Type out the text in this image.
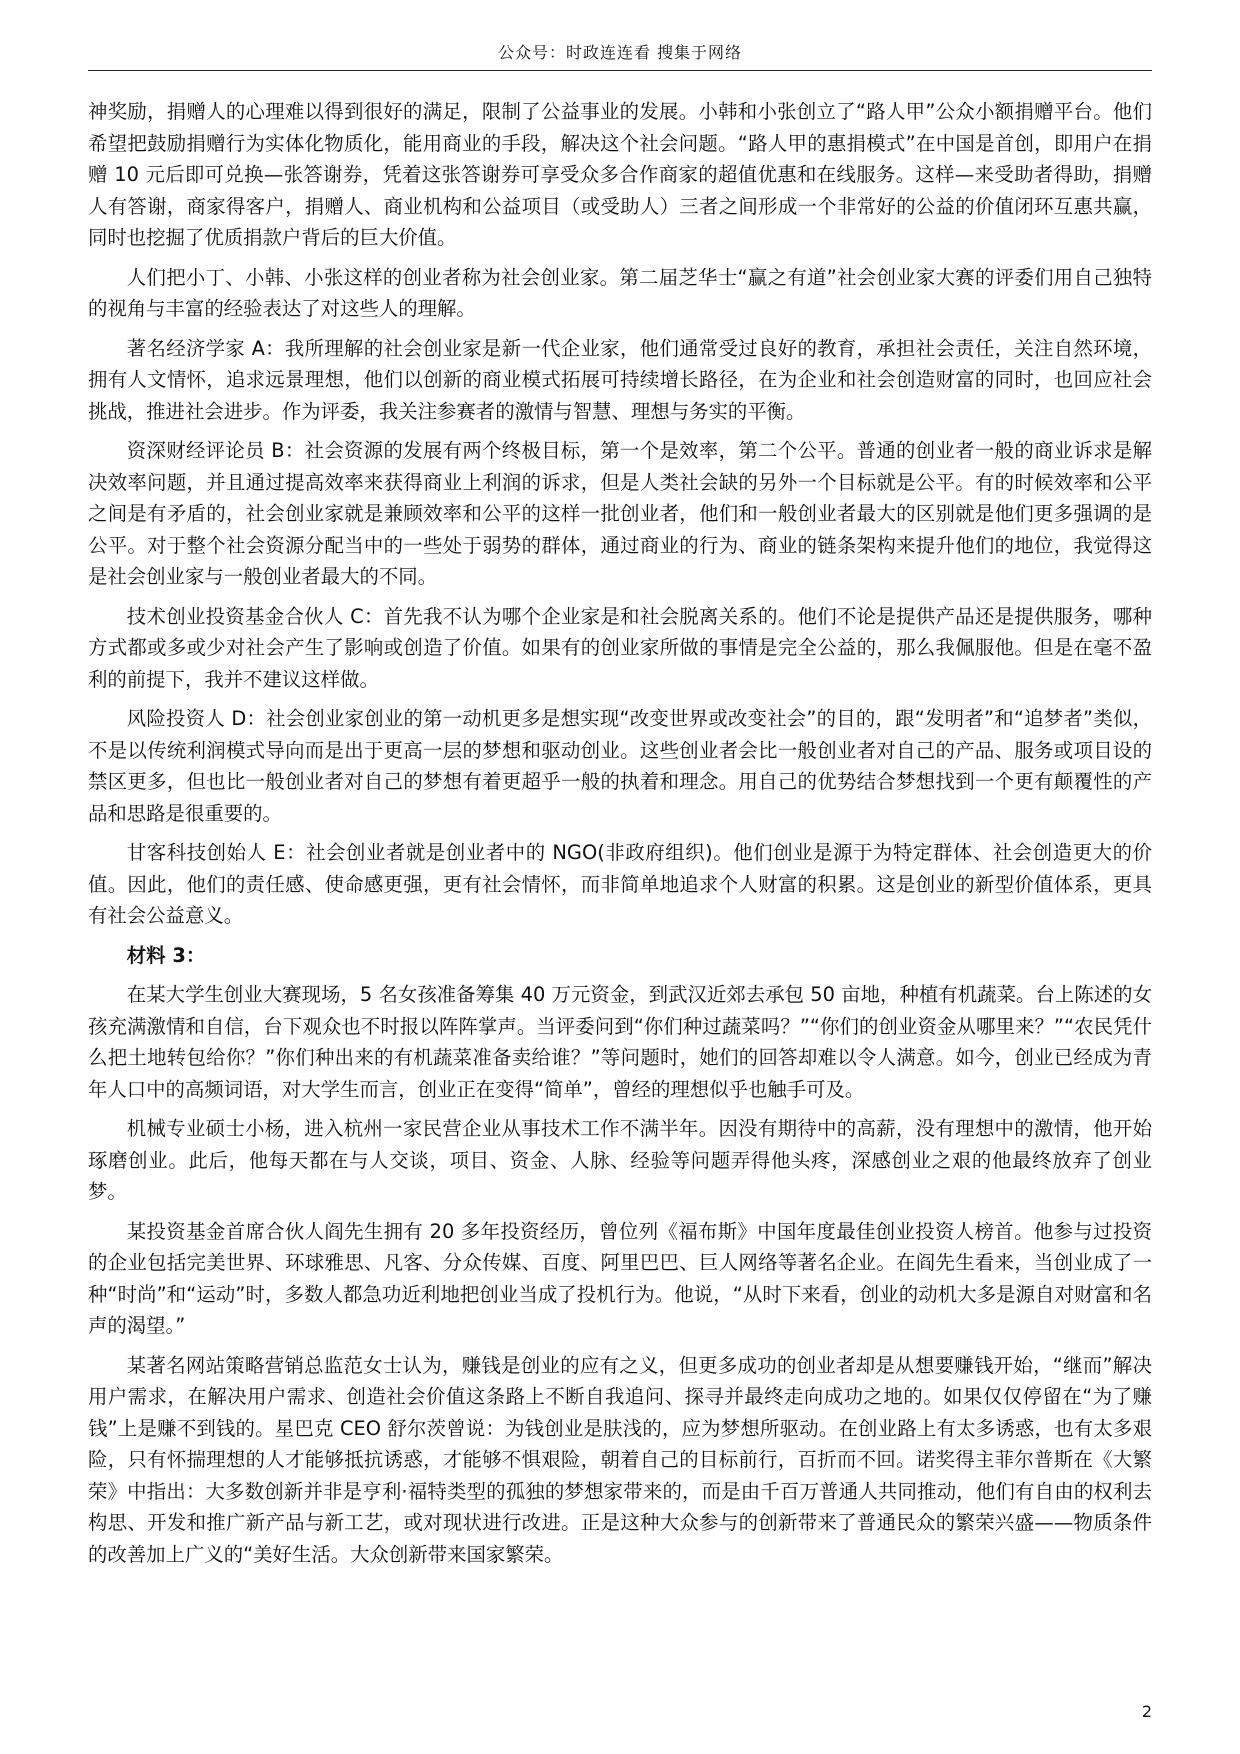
公众号：时政连连看 搜集于网络

神奖励，捐赠人的心理难以得到很好的满足，限制了公益事业的发展。小韩和小张创立了“路人甲”公众小额捐赠平台。他们希望把鼓励捐赠行为实体化物质化，能用商业的手段，解决这个社会问题。“路人甲的惠捐模式”在中国是首创，即用户在捐赠 10 元后即可兑换—张答谢券，凭着这张答谢券可享受众多合作商家的超值优惠和在线服务。这样—来受助者得助，捐赠人有答谢，商家得客户，捐赠人、商业机构和公益项目（或受助人）三者之间形成一个非常好的公益的价值闭环互惠共赢，同时也挖掘了优质捐款户背后的巨大价值。

人们把小丁、小韩、小张这样的创业者称为社会创业家。第二届芝华士“赢之有道”社会创业家大赛的评委们用自己独特的视角与丰富的经验表达了对这些人的理解。

著名经济学家 A：我所理解的社会创业家是新一代企业家，他们通常受过良好的教育，承担社会责任，关注自然环境，拥有人文情怀，追求远景理想，他们以创新的商业模式拓展可持续增长路径，在为企业和社会创造财富的同时，也回应社会挑战，推进社会进步。作为评委，我关注参赛者的激情与智慧、理想与务实的平衡。

资深财经评论员 B：社会资源的发展有两个终极目标，第一个是效率，第二个公平。普通的创业者一般的商业诉求是解决效率问题，并且通过提高效率来获得商业上利润的诉求，但是人类社会缺的另外一个目标就是公平。有的时候效率和公平之间是有矛盾的，社会创业家就是兼顾效率和公平的这样一批创业者，他们和一般创业者最大的区别就是他们更多强调的是公平。对于整个社会资源分配当中的一些处于弱势的群体，通过商业的行为、商业的链条架构来提升他们的地位，我觉得这是社会创业家与一般创业者最大的不同。

技术创业投资基金合伙人 C：首先我不认为哪个企业家是和社会脱离关系的。他们不论是提供产品还是提供服务，哪种方式都或多或少对社会产生了影响或创造了价值。如果有的创业家所做的事情是完全公益的，那么我佩服他。但是在毫不盈利的前提下，我并不建议这样做。

风险投资人 D：社会创业家创业的第一动机更多是想实现“改变世界或改变社会”的目的，跟“发明者”和“追梦者”类似，不是以传统利润模式导向而是出于更高一层的梦想和驱动创业。这些创业者会比一般创业者对自己的产品、服务或项目设的禁区更多，但也比一般创业者对自己的梦想有着更超乎一般的执着和理念。用自己的优势结合梦想找到一个更有颠覆性的产品和思路是很重要的。

甘客科技创始人 E：社会创业者就是创业者中的 NGO(非政府组织)。他们创业是源于为特定群体、社会创造更大的价值。因此，他们的责任感、使命感更强，更有社会情怀，而非简单地追求个人财富的积累。这是创业的新型价值体系，更具有社会公益意义。

材料 3：

在某大学生创业大赛现场，5 名女孩准备筹集 40 万元资金，到武汉近郊去承包 50 亩地，种植有机蔬菜。台上陈述的女孩充满激情和自信，台下观众也不时报以阵阵掌声。当评委问到“你们种过蔬菜吗？”“你们的创业资金从哪里来？”“农民凭什么把土地转包给你？”你们种出来的有机蔬菜准备卖给谁？”等问题时，她们的回答却难以令人满意。如今，创业已经成为青年人口中的高频词语，对大学生而言，创业正在变得“简单”，曾经的理想似乎也触手可及。

机械专业硕士小杨，进入杭州一家民营企业从事技术工作不满半年。因没有期待中的高薪，没有理想中的激情，他开始琢磨创业。此后，他每天都在与人交谈，项目、资金、人脉、经验等问题弄得他头疼，深感创业之艰的他最终放弃了创业梦。

某投资基金首席合伙人阎先生拥有 20 多年投资经历，曾位列《福布斯》中国年度最佳创业投资人榜首。他参与过投资的企业包括完美世界、环球雅思、凡客、分众传媒、百度、阿里巴巴、巨人网络等著名企业。在阎先生看来，当创业成了一种“时尚”和“运动”时，多数人都急功近利地把创业当成了投机行为。他说，“从时下来看，创业的动机大多是源自对财富和名声的渴望。”

某著名网站策略营销总监范女士认为，赚钱是创业的应有之义，但更多成功的创业者却是从想要赚钱开始，“继而”解决用户需求，在解决用户需求、创造社会价值这条路上不断自我追问、探寻并最终走向成功之地的。如果仅仅停留在“为了赚钱”上是赚不到钱的。星巴克 CEO 舒尔茨曾说：为钱创业是肤浅的，应为梦想所驱动。在创业路上有太多诱惑，也有太多艰险，只有怀揣理想的人才能够抵抗诱惑，才能够不惧艰险，朝着自己的目标前行，百折而不回。诺奖得主菲尔普斯在《大繁荣》中指出：大多数创新并非是亨利·福特类型的孤独的梦想家带来的，而是由千百万普通人共同推动，他们有自由的权利去构思、开发和推广新产品与新工艺，或对现状进行改进。正是这种大众参与的创新带来了普通民众的繁荣兴盛——物质条件的改善加上广义的“美好生活。大众创新带来国家繁荣。

2
